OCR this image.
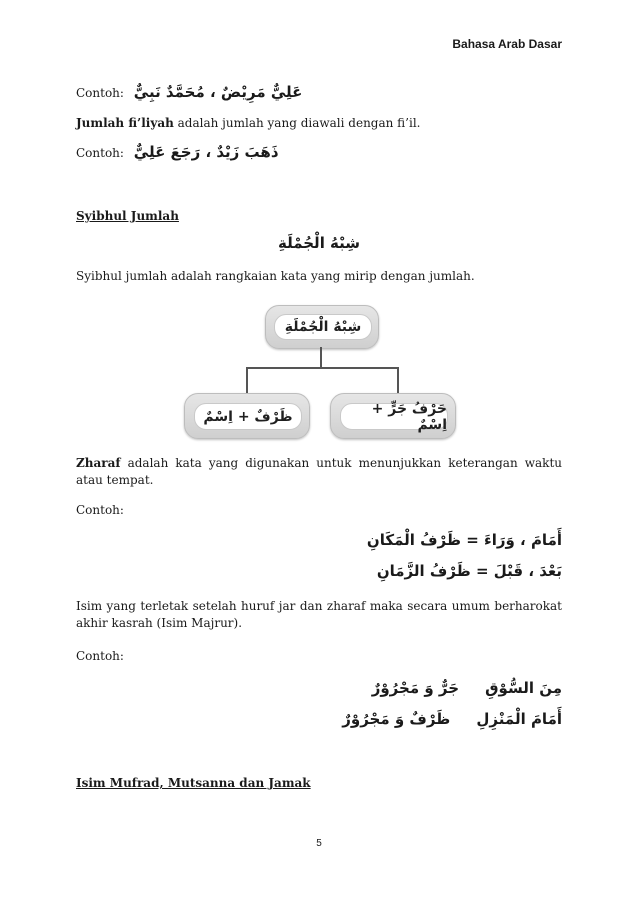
Bahasa Arab Dasar
Contoh: عَلِيٌّ مَرِيْضٌ ، مُحَمَّدٌ نَبِيٌّ
Jumlah fi’liyah adalah jumlah yang diawali dengan fi’il.
Contoh: ذَهَبَ زَيْدٌ ، رَجَعَ عَلِيٌّ
Syibhul Jumlah
شِبْهُ الْجُمْلَةِ
Syibhul jumlah adalah rangkaian kata yang mirip dengan jumlah.
شِبْهُ الْجُمْلَةِ
ظَرْفٌ + اِسْمٌ	حَرْفُ جَرٍّ + اِسْمٌ
Zharaf adalah kata yang digunakan untuk menunjukkan keterangan waktu atau tempat.
Contoh:
أَمَامَ ، وَرَاءَ = ظَرْفُ الْمَكَانِ
بَعْدَ ، قَبْلَ = ظَرْفُ الزَّمَانِ
Isim yang terletak setelah huruf jar dan zharaf maka secara umum berharokat akhir kasrah (Isim Majrur).
Contoh:
مِنَ السُّوْقِ     جَرٌّ وَ مَجْرُوْرٌ
أَمَامَ الْمَنْزِلِ     ظَرْفٌ وَ مَجْرُوْرٌ
Isim Mufrad, Mutsanna dan Jamak
5
